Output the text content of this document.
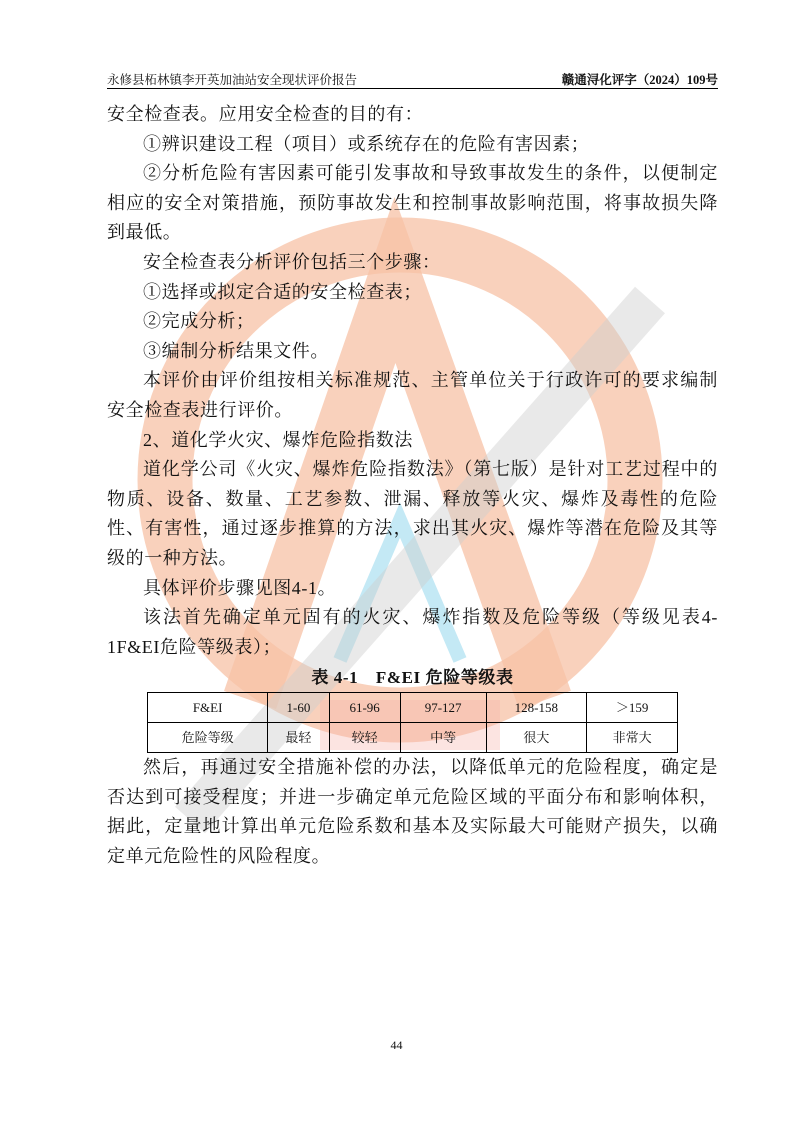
永修县柘林镇李开英加油站安全现状评价报告	赣通浔化评字（2024）109号

安全检查表。应用安全检查的目的有：

①辨识建设工程（项目）或系统存在的危险有害因素；

②分析危险有害因素可能引发事故和导致事故发生的条件，以便制定相应的安全对策措施，预防事故发生和控制事故影响范围，将事故损失降到最低。

安全检查表分析评价包括三个步骤：

①选择或拟定合适的安全检查表；

②完成分析；

③编制分析结果文件。

本评价由评价组按相关标准规范、主管单位关于行政许可的要求编制安全检查表进行评价。

2、道化学火灾、爆炸危险指数法

道化学公司《火灾、爆炸危险指数法》（第七版）是针对工艺过程中的物质、设备、数量、工艺参数、泄漏、释放等火灾、爆炸及毒性的危险性、有害性，通过逐步推算的方法，求出其火灾、爆炸等潜在危险及其等级的一种方法。

具体评价步骤见图4-1。

该法首先确定单元固有的火灾、爆炸指数及危险等级（等级见表4-1F&EI危险等级表）；

表 4-1　F&EI 危险等级表

F&EI	1-60	61-96	97-127	128-158	＞159
危险等级	最轻	较轻	中等	很大	非常大

然后，再通过安全措施补偿的办法，以降低单元的危险程度，确定是否达到可接受程度；并进一步确定单元危险区域的平面分布和影响体积，据此，定量地计算出单元危险系数和基本及实际最大可能财产损失，以确定单元危险性的风险程度。

44
